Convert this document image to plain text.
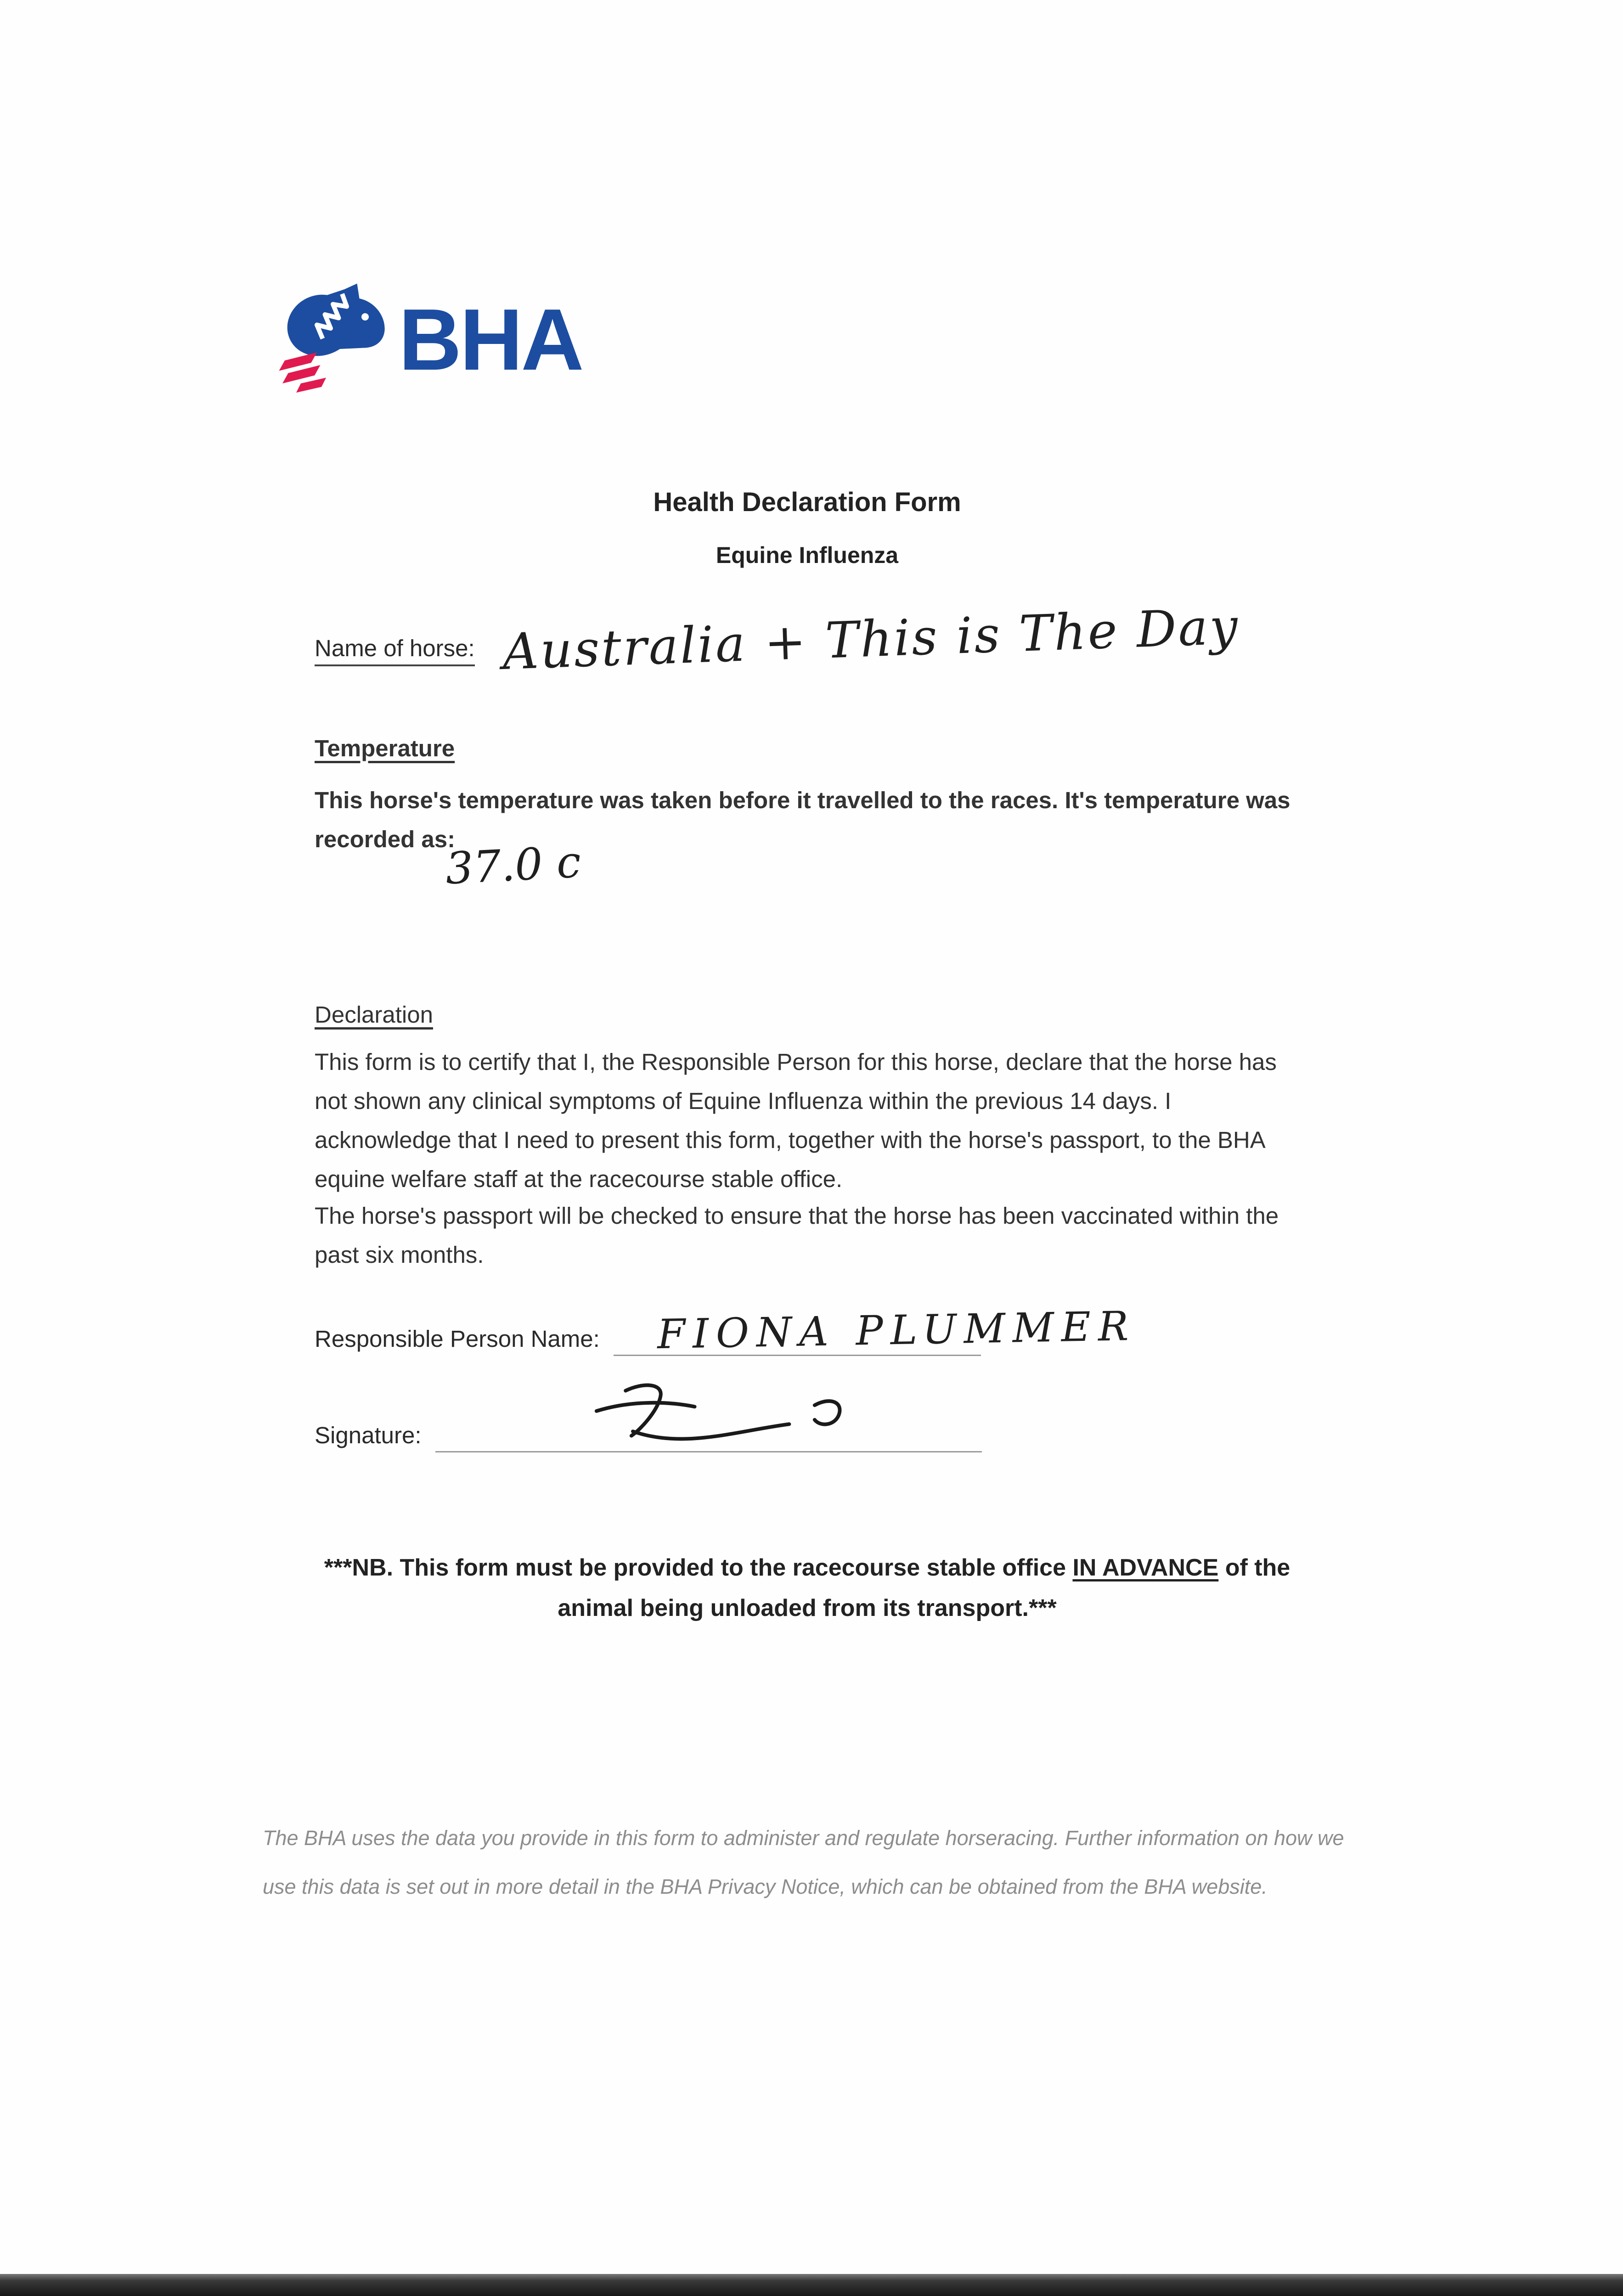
BHA
Health Declaration Form
Equine Influenza
Name of horse: Australia + This is The Day
Temperature
This horse's temperature was taken before it travelled to the races. It's temperature was recorded as:
37.0 c
Declaration
This form is to certify that I, the Responsible Person for this horse, declare that the horse has not shown any clinical symptoms of Equine Influenza within the previous 14 days. I acknowledge that I need to present this form, together with the horse's passport, to the BHA equine welfare staff at the racecourse stable office.
The horse's passport will be checked to ensure that the horse has been vaccinated within the past six months.
Responsible Person Name: FIONA PLUMMER
Signature:
***NB. This form must be provided to the racecourse stable office IN ADVANCE of the animal being unloaded from its transport.***
The BHA uses the data you provide in this form to administer and regulate horseracing. Further information on how we use this data is set out in more detail in the BHA Privacy Notice, which can be obtained from the BHA website.
